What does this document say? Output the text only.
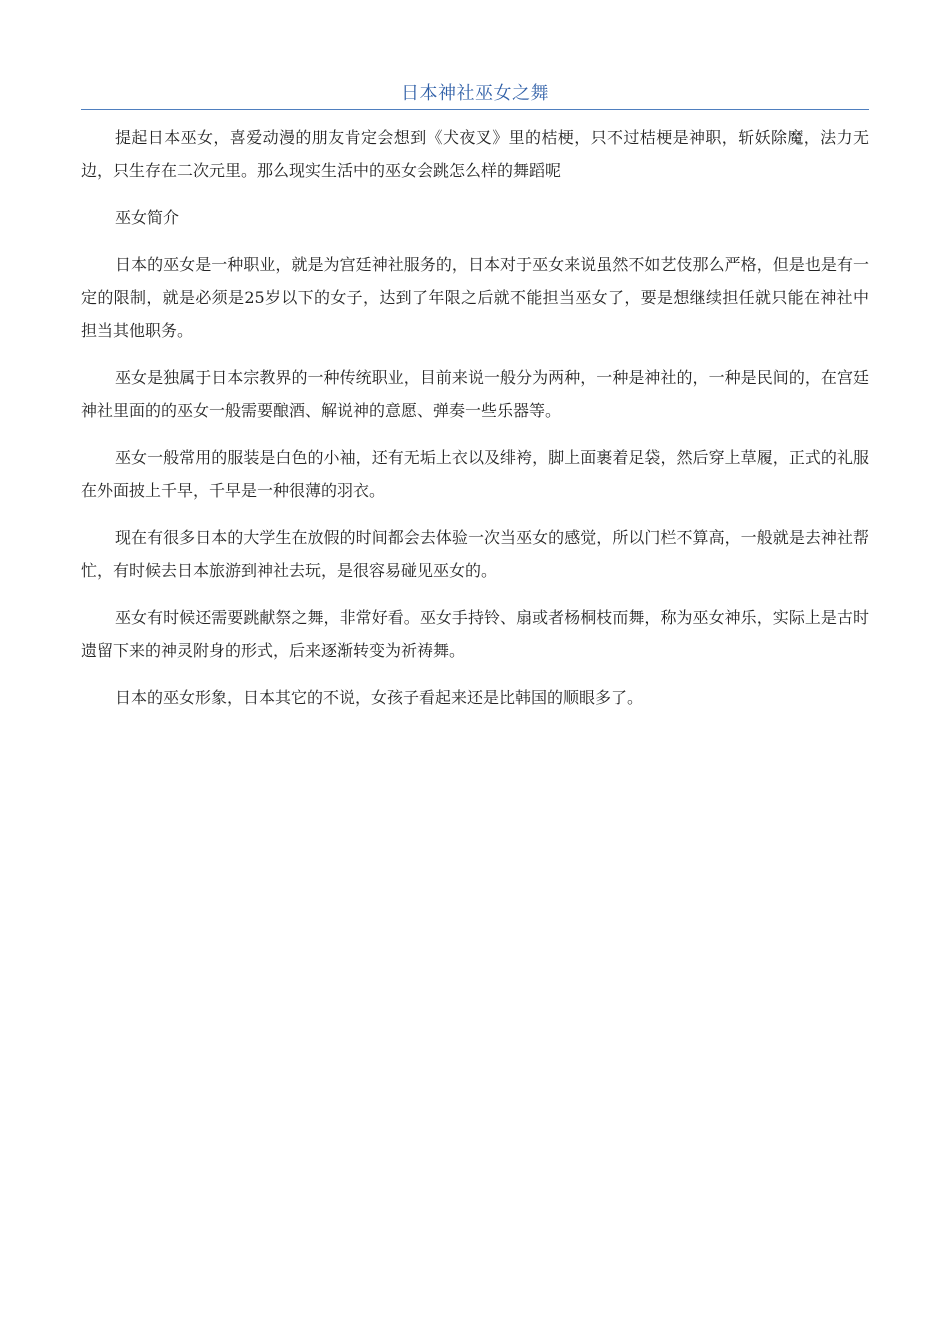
日本神社巫女之舞

提起日本巫女，喜爱动漫的朋友肯定会想到《犬夜叉》里的桔梗，只不过桔梗是神职，斩妖除魔，法力无边，只生存在二次元里。那么现实生活中的巫女会跳怎么样的舞蹈呢

巫女简介

日本的巫女是一种职业，就是为宫廷神社服务的，日本对于巫女来说虽然不如艺伎那么严格，但是也是有一定的限制，就是必须是25岁以下的女子，达到了年限之后就不能担当巫女了，要是想继续担任就只能在神社中担当其他职务。

巫女是独属于日本宗教界的一种传统职业，目前来说一般分为两种，一种是神社的，一种是民间的，在宫廷神社里面的的巫女一般需要酿酒、解说神的意愿、弹奏一些乐器等。

巫女一般常用的服装是白色的小袖，还有无垢上衣以及绯袴，脚上面裹着足袋，然后穿上草履，正式的礼服在外面披上千早，千早是一种很薄的羽衣。

现在有很多日本的大学生在放假的时间都会去体验一次当巫女的感觉，所以门栏不算高，一般就是去神社帮忙，有时候去日本旅游到神社去玩，是很容易碰见巫女的。

巫女有时候还需要跳献祭之舞，非常好看。巫女手持铃、扇或者杨桐枝而舞，称为巫女神乐，实际上是古时遗留下来的神灵附身的形式，后来逐渐转变为祈祷舞。

日本的巫女形象，日本其它的不说，女孩子看起来还是比韩国的顺眼多了。
